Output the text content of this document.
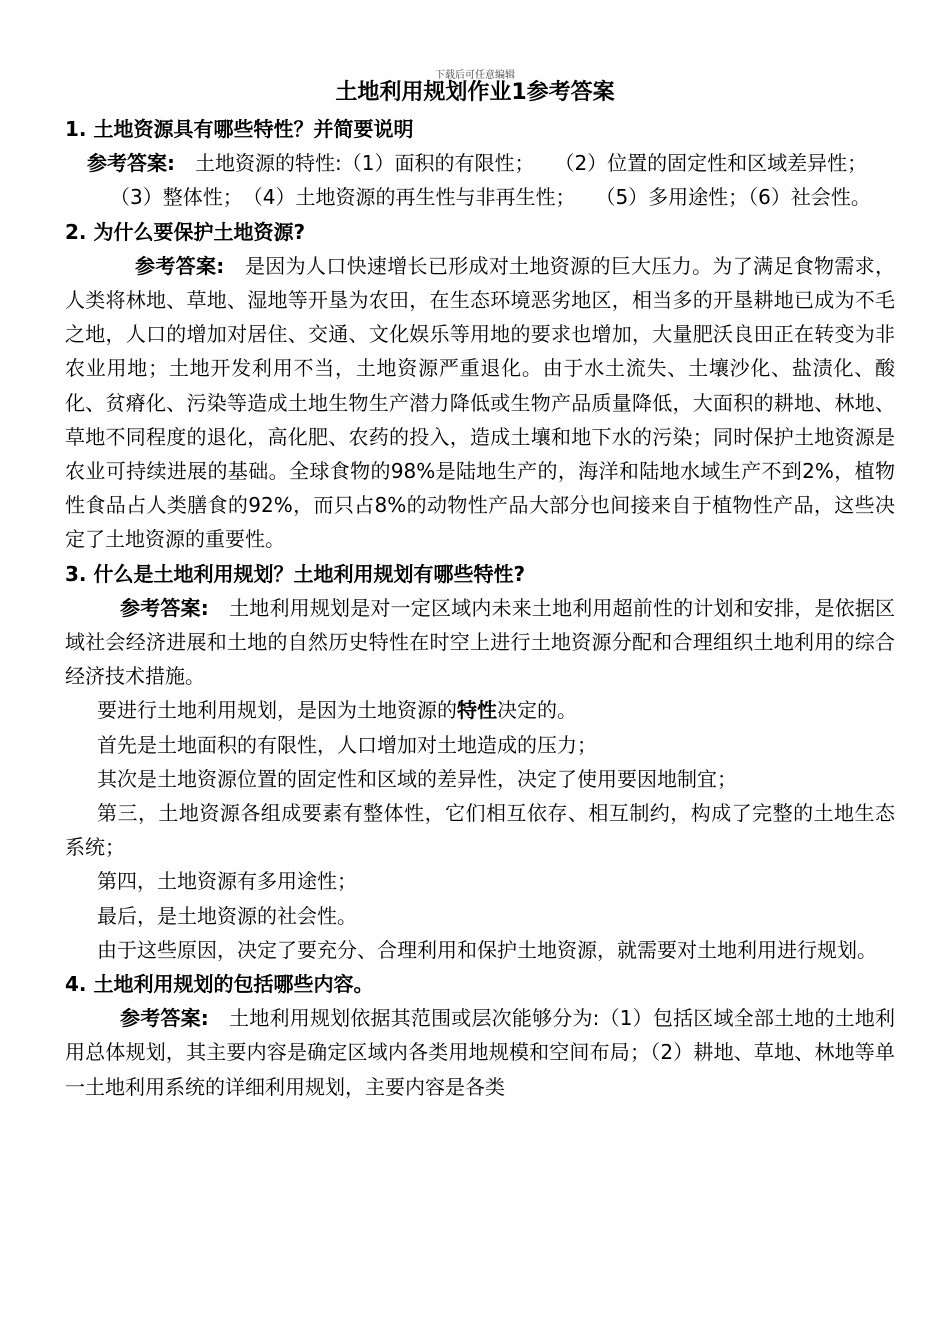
下载后可任意编辑
土地利用规划作业1参考答案

1. 土地资源具有哪些特性？并简要说明

参考答案:　土地资源的特性:（1）面积的有限性；　　（2）位置的固定性和区域差异性；

（3）整体性；　（4）土地资源的再生性与非再生性；　　（5）多用途性；（6）社会性。

2. 为什么要保护土地资源?

参考答案:　是因为人口快速增长已形成对土地资源的巨大压力。为了满足食物需求，人类将林地、草地、湿地等开垦为农田，在生态环境恶劣地区，相当多的开垦耕地已成为不毛之地，人口的增加对居住、交通、文化娱乐等用地的要求也增加，大量肥沃良田正在转变为非农业用地；土地开发利用不当，土地资源严重退化。由于水土流失、土壤沙化、盐渍化、酸化、贫瘠化、污染等造成土地生物生产潜力降低或生物产品质量降低，大面积的耕地、林地、草地不同程度的退化，高化肥、农药的投入，造成土壤和地下水的污染；同时保护土地资源是农业可持续进展的基础。全球食物的98%是陆地生产的，海洋和陆地水域生产不到2%，植物性食品占人类膳食的92%，而只占8%的动物性产品大部分也间接来自于植物性产品，这些决定了土地资源的重要性。

3. 什么是土地利用规划？土地利用规划有哪些特性?

参考答案:　土地利用规划是对一定区域内未来土地利用超前性的计划和安排，是依据区域社会经济进展和土地的自然历史特性在时空上进行土地资源分配和合理组织土地利用的综合经济技术措施。

要进行土地利用规划，是因为土地资源的特性决定的。

首先是土地面积的有限性，人口增加对土地造成的压力；

其次是土地资源位置的固定性和区域的差异性，决定了使用要因地制宜；

第三，土地资源各组成要素有整体性，它们相互依存、相互制约，构成了完整的土地生态系统；

第四，土地资源有多用途性；

最后，是土地资源的社会性。

由于这些原因，决定了要充分、合理利用和保护土地资源，就需要对土地利用进行规划。

4. 土地利用规划的包括哪些内容。

参考答案:　土地利用规划依据其范围或层次能够分为:（1）包括区域全部土地的土地利用总体规划，其主要内容是确定区域内各类用地规模和空间布局；（2）耕地、草地、林地等单一土地利用系统的详细利用规划，主要内容是各类
